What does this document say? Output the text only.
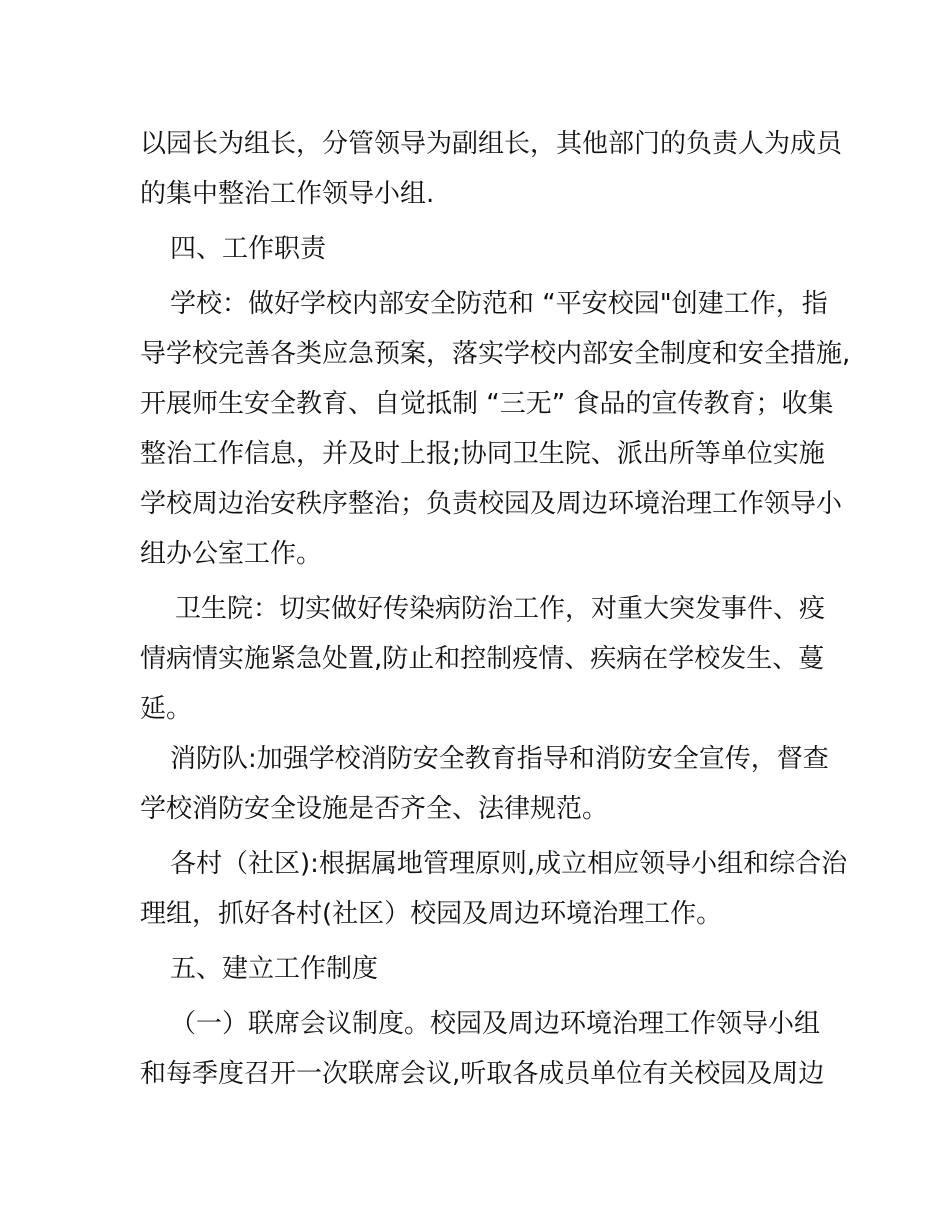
以园长为组长，分管领导为副组长，其他部门的负责人为成员
的集中整治工作领导小组.
四、工作职责
学校：做好学校内部安全防范和 “平安校园"创建工作，指
导学校完善各类应急预案，落实学校内部安全制度和安全措施,
开展师生安全教育、自觉抵制 “三无” 食品的宣传教育；收集
整治工作信息，并及时上报;协同卫生院、派出所等单位实施
学校周边治安秩序整治；负责校园及周边环境治理工作领导小
组办公室工作。
卫生院：切实做好传染病防治工作，对重大突发事件、疫
情病情实施紧急处置,防止和控制疫情、疾病在学校发生、蔓
延。
消防队:加强学校消防安全教育指导和消防安全宣传，督查
学校消防安全设施是否齐全、法律规范。
各村（社区):根据属地管理原则,成立相应领导小组和综合治
理组，抓好各村(社区）校园及周边环境治理工作。
五、建立工作制度
（一）联席会议制度。校园及周边环境治理工作领导小组
和每季度召开一次联席会议,听取各成员单位有关校园及周边
